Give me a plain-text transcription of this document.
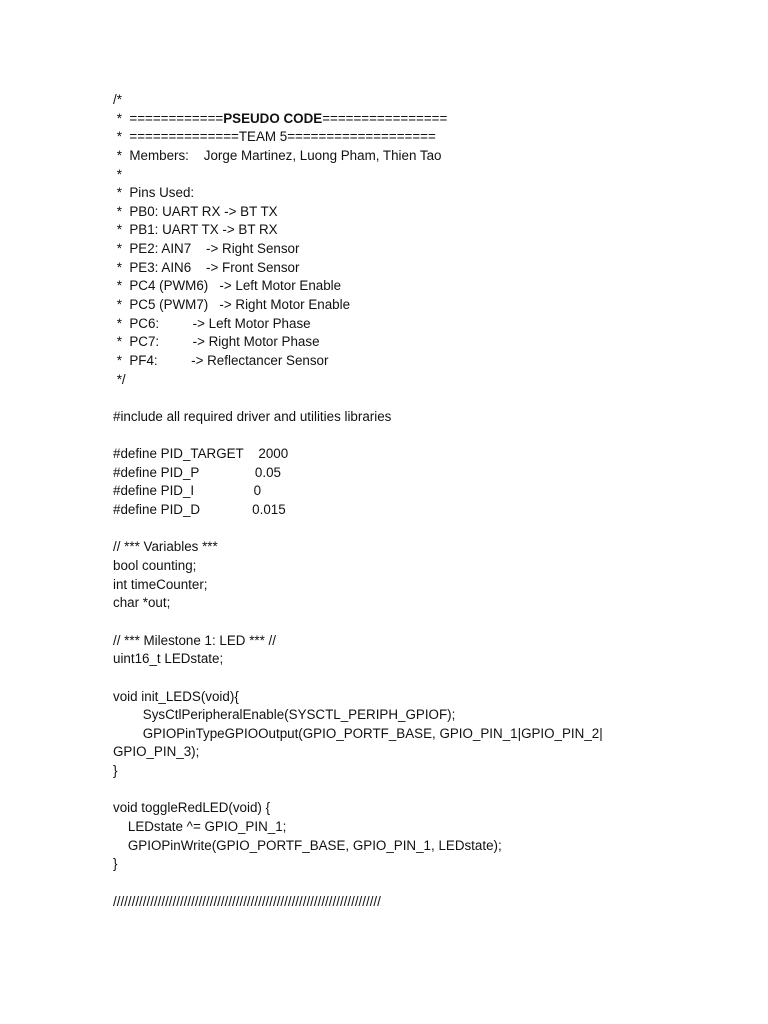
/*
*  ============PSEUDO CODE================
*  ==============TEAM 5===================
*  Members:    Jorge Martinez, Luong Pham, Thien Tao
*
*  Pins Used:
*  PB0: UART RX -> BT TX
*  PB1: UART TX -> BT RX
*  PE2: AIN7    -> Right Sensor
*  PE3: AIN6    -> Front Sensor
*  PC4 (PWM6)   -> Left Motor Enable
*  PC5 (PWM7)   -> Right Motor Enable
*  PC6:         -> Left Motor Phase
*  PC7:         -> Right Motor Phase
*  PF4:         -> Reflectancer Sensor
*/
#include all required driver and utilities libraries
#define PID_TARGET    2000
#define PID_P               0.05
#define PID_I                0
#define PID_D              0.015
// *** Variables ***
bool counting;
int timeCounter;
char *out;
// *** Milestone 1: LED *** //
uint16_t LEDstate;
void init_LEDS(void){
SysCtlPeripheralEnable(SYSCTL_PERIPH_GPIOF);
GPIOPinTypeGPIOOutput(GPIO_PORTF_BASE, GPIO_PIN_1|GPIO_PIN_2|
GPIO_PIN_3);
}
void toggleRedLED(void) {
LEDstate ^= GPIO_PIN_1;
GPIOPinWrite(GPIO_PORTF_BASE, GPIO_PIN_1, LEDstate);
}
////////////////////////////////////////////////////////////////////////
